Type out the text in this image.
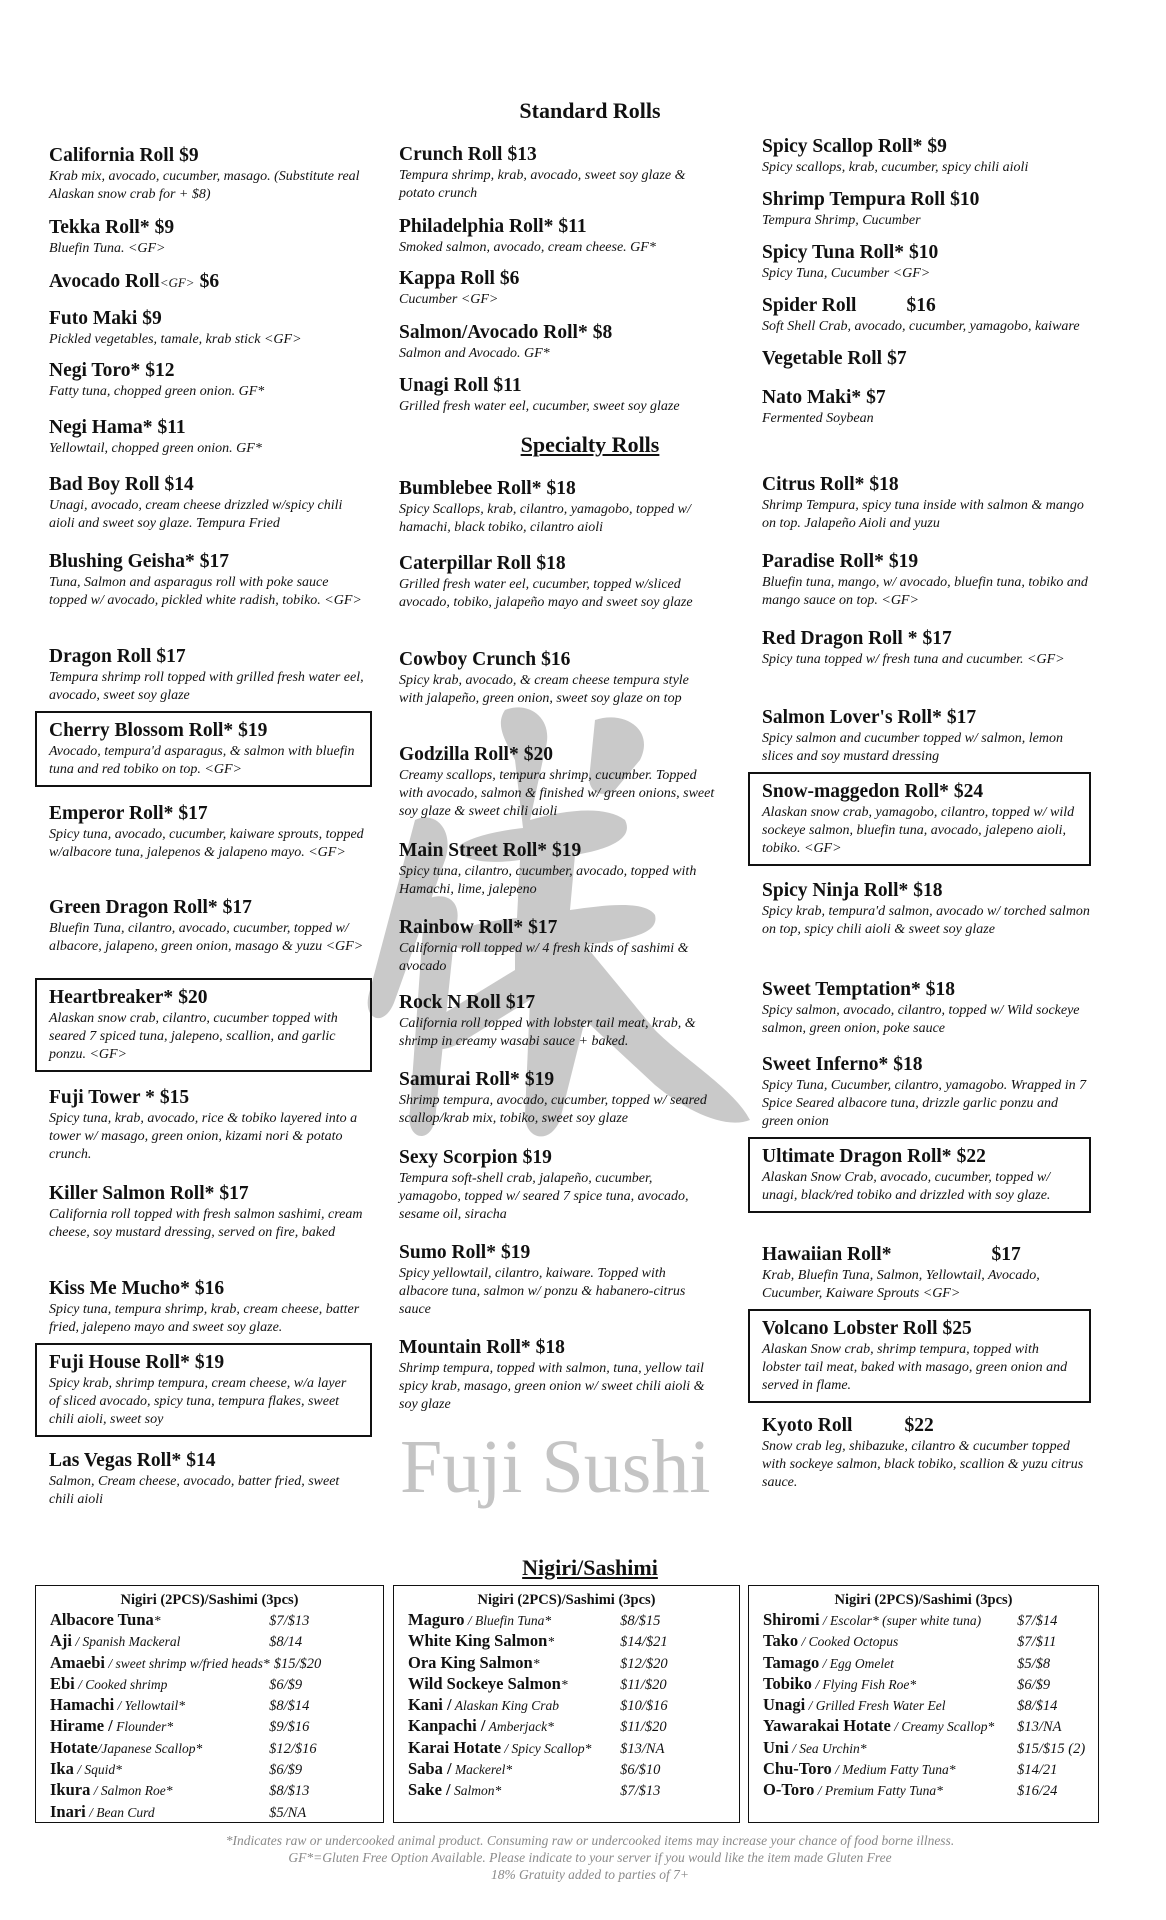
Standard Rolls
Specialty Rolls
Nigiri/Sashimi
Fuji Sushi
California Roll $9
Krab mix, avocado, cucumber, masago. (Substitute real Alaskan snow crab for + $8)
Tekka Roll* $9
Bluefin Tuna. <GF>
Avocado Roll<GF> $6
Futo Maki $9
Pickled vegetables, tamale, krab stick <GF>
Negi Toro* $12
Fatty tuna, chopped green onion. GF*
Negi Hama* $11
Yellowtail, chopped green onion. GF*
Bad Boy Roll $14
Unagi, avocado, cream cheese drizzled w/spicy chili aioli and sweet soy glaze. Tempura Fried
Blushing Geisha* $17
Tuna, Salmon and asparagus roll with poke sauce topped w/ avocado, pickled white radish, tobiko. <GF>
Dragon Roll $17
Tempura shrimp roll topped with grilled fresh water eel, avocado, sweet soy glaze
Cherry Blossom Roll* $19
Avocado, tempura'd asparagus, & salmon with bluefin tuna and red tobiko on top. <GF>
Emperor Roll* $17
Spicy tuna, avocado, cucumber, kaiware sprouts, topped w/albacore tuna, jalepenos & jalapeno mayo. <GF>
Green Dragon Roll* $17
Bluefin Tuna, cilantro, avocado, cucumber, topped w/ albacore, jalapeno, green onion, masago & yuzu <GF>
Heartbreaker* $20
Alaskan snow crab, cilantro, cucumber topped with seared 7 spiced tuna, jalepeno, scallion, and garlic ponzu. <GF>
Fuji Tower * $15
Spicy tuna, krab, avocado, rice & tobiko layered into a tower w/ masago, green onion, kizami nori & potato crunch.
Killer Salmon Roll* $17
California roll topped with fresh salmon sashimi, cream cheese, soy mustard dressing, served on fire, baked
Kiss Me Mucho* $16
Spicy tuna, tempura shrimp, krab, cream cheese, batter fried, jalepeno mayo and sweet soy glaze.
Fuji House Roll* $19
Spicy krab, shrimp tempura, cream cheese, w/a layer of sliced avocado, spicy tuna, tempura flakes, sweet chili aioli, sweet soy
Las Vegas Roll* $14
Salmon, Cream cheese, avocado, batter fried, sweet chili aioli
Crunch Roll $13
Tempura shrimp, krab, avocado, sweet soy glaze & potato crunch
Philadelphia Roll* $11
Smoked salmon, avocado, cream cheese. GF*
Kappa Roll $6
Cucumber <GF>
Salmon/Avocado Roll* $8
Salmon and Avocado. GF*
Unagi Roll $11
Grilled fresh water eel, cucumber, sweet soy glaze
Bumblebee Roll* $18
Spicy Scallops, krab, cilantro, yamagobo, topped w/ hamachi, black tobiko, cilantro aioli
Caterpillar Roll $18
Grilled fresh water eel, cucumber, topped w/sliced avocado, tobiko, jalapeño mayo and sweet soy glaze
Cowboy Crunch $16
Spicy krab, avocado, & cream cheese tempura style with jalapeño, green onion, sweet soy glaze on top
Godzilla Roll* $20
Creamy scallops, tempura shrimp, cucumber. Topped with avocado, salmon & finished w/ green onions, sweet soy glaze & sweet chili aioli
Main Street Roll* $19
Spicy tuna, cilantro, cucumber, avocado, topped with Hamachi, lime, jalepeno
Rainbow Roll* $17
California roll topped w/ 4 fresh kinds of sashimi & avocado
Rock N Roll $17
California roll topped with lobster tail meat, krab, & shrimp in creamy wasabi sauce + baked.
Samurai Roll* $19
Shrimp tempura, avocado, cucumber, topped w/ seared scallop/krab mix, tobiko, sweet soy glaze
Sexy Scorpion $19
Tempura soft-shell crab, jalapeño, cucumber, yamagobo, topped w/ seared 7 spice tuna, avocado, sesame oil, siracha
Sumo Roll* $19
Spicy yellowtail, cilantro, kaiware. Topped with albacore tuna, salmon w/ ponzu & habanero-citrus sauce
Mountain Roll* $18
Shrimp tempura, topped with salmon, tuna, yellow tail spicy krab, masago, green onion w/ sweet chili aioli & soy glaze
Spicy Scallop Roll* $9
Spicy scallops, krab, cucumber, spicy chili aioli
Shrimp Tempura Roll $10
Tempura Shrimp, Cucumber
Spicy Tuna Roll* $10
Spicy Tuna, Cucumber <GF>
Spider Roll	$16
Soft Shell Crab, avocado, cucumber, yamagobo, kaiware
Vegetable Roll $7
Nato Maki* $7
Fermented Soybean
Citrus Roll* $18
Shrimp Tempura, spicy tuna inside with salmon & mango on top. Jalapeño Aioli and yuzu
Paradise Roll* $19
Bluefin tuna, mango, w/ avocado, bluefin tuna, tobiko and mango sauce on top. <GF>
Red Dragon Roll * $17
Spicy tuna topped w/ fresh tuna and cucumber. <GF>
Salmon Lover's Roll* $17
Spicy salmon and cucumber topped w/ salmon, lemon slices and soy mustard dressing
Snow-maggedon Roll* $24
Alaskan snow crab, yamagobo, cilantro, topped w/ wild sockeye salmon, bluefin tuna, avocado, jalepeno aioli, tobiko. <GF>
Spicy Ninja Roll* $18
Spicy krab, tempura'd salmon, avocado w/ torched salmon on top, spicy chili aioli & sweet soy glaze
Sweet Temptation* $18
Spicy salmon, avocado, cilantro, topped w/ Wild sockeye salmon, green onion, poke sauce
Sweet Inferno* $18
Spicy Tuna, Cucumber, cilantro, yamagobo. Wrapped in 7 Spice Seared albacore tuna, drizzle garlic ponzu and green onion
Ultimate Dragon Roll* $22
Alaskan Snow Crab, avocado, cucumber, topped w/ unagi, black/red tobiko and drizzled with soy glaze.
Hawaiian Roll*	$17
Krab, Bluefin Tuna, Salmon, Yellowtail, Avocado, Cucumber, Kaiware Sprouts <GF>
Volcano Lobster Roll $25
Alaskan Snow crab, shrimp tempura, topped with lobster tail meat, baked with masago, green onion and served in flame.
Kyoto Roll	$22
Snow crab leg, shibazuke, cilantro & cucumber topped with sockeye salmon, black tobiko, scallion & yuzu citrus sauce.
Nigiri (2PCS)/Sashimi (3pcs)
Albacore Tuna*	$7/$13
Aji / Spanish Mackeral	$8/14
Amaebi / sweet shrimp w/fried heads* $15/$20
Ebi / Cooked shrimp	$6/$9
Hamachi / Yellowtail*	$8/$14
Hirame / Flounder*	$9/$16
Hotate/Japanese Scallop*	$12/$16
Ika / Squid*	$6/$9
Ikura / Salmon Roe*	$8/$13
Inari / Bean Curd	$5/NA
Nigiri (2PCS)/Sashimi (3pcs)
Maguro / Bluefin Tuna*	$8/$15
White King Salmon*	$14/$21
Ora King Salmon*	$12/$20
Wild Sockeye Salmon*	$11/$20
Kani / Alaskan King Crab	$10/$16
Kanpachi / Amberjack*	$11/$20
Karai Hotate / Spicy Scallop* $13/NA
Saba / Mackerel*	$6/$10
Sake / Salmon*	$7/$13
Nigiri (2PCS)/Sashimi (3pcs)
Shiromi / Escolar* (super white tuna) $7/$14
Tako / Cooked Octopus	$7/$11
Tamago / Egg Omelet	$5/$8
Tobiko / Flying Fish Roe*	$6/$9
Unagi / Grilled Fresh Water Eel	$8/$14
Yawarakai Hotate / Creamy Scallop* $13/NA
Uni / Sea Urchin*	$15/$15 (2)
Chu-Toro / Medium Fatty Tuna*	$14/21
O-Toro / Premium Fatty Tuna*	$16/24
*Indicates raw or undercooked animal product. Consuming raw or undercooked items may increase your chance of food borne illness.
GF*=Gluten Free Option Available. Please indicate to your server if you would like the item made Gluten Free
18% Gratuity added to parties of 7+
